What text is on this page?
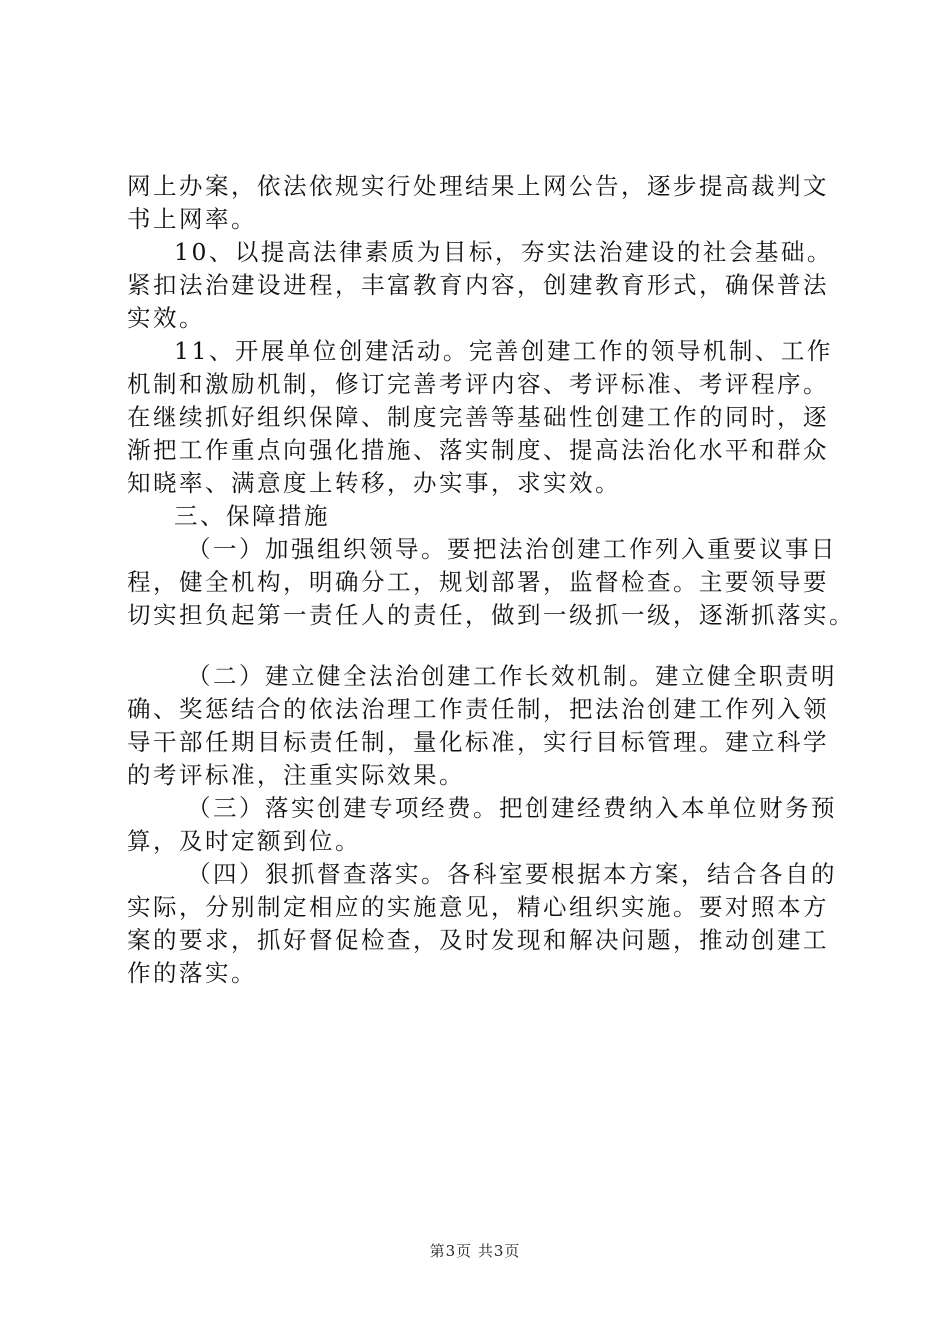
网上办案，依法依规实行处理结果上网公告，逐步提高裁判文
书上网率。
10、以提高法律素质为目标，夯实法治建设的社会基础。
紧扣法治建设进程，丰富教育内容，创建教育形式，确保普法
实效。
11、开展单位创建活动。完善创建工作的领导机制、工作
机制和激励机制，修订完善考评内容、考评标准、考评程序。
在继续抓好组织保障、制度完善等基础性创建工作的同时，逐
渐把工作重点向强化措施、落实制度、提高法治化水平和群众
知晓率、满意度上转移，办实事，求实效。
三、保障措施
（一）加强组织领导。要把法治创建工作列入重要议事日
程，健全机构，明确分工，规划部署，监督检查。主要领导要
切实担负起第一责任人的责任，做到一级抓一级，逐渐抓落实。
（二）建立健全法治创建工作长效机制。建立健全职责明
确、奖惩结合的依法治理工作责任制，把法治创建工作列入领
导干部任期目标责任制，量化标准，实行目标管理。建立科学
的考评标准，注重实际效果。
（三）落实创建专项经费。把创建经费纳入本单位财务预
算，及时定额到位。
（四）狠抓督查落实。各科室要根据本方案，结合各自的
实际，分别制定相应的实施意见，精心组织实施。要对照本方
案的要求，抓好督促检查，及时发现和解决问题，推动创建工
作的落实。
第3页 共3页
